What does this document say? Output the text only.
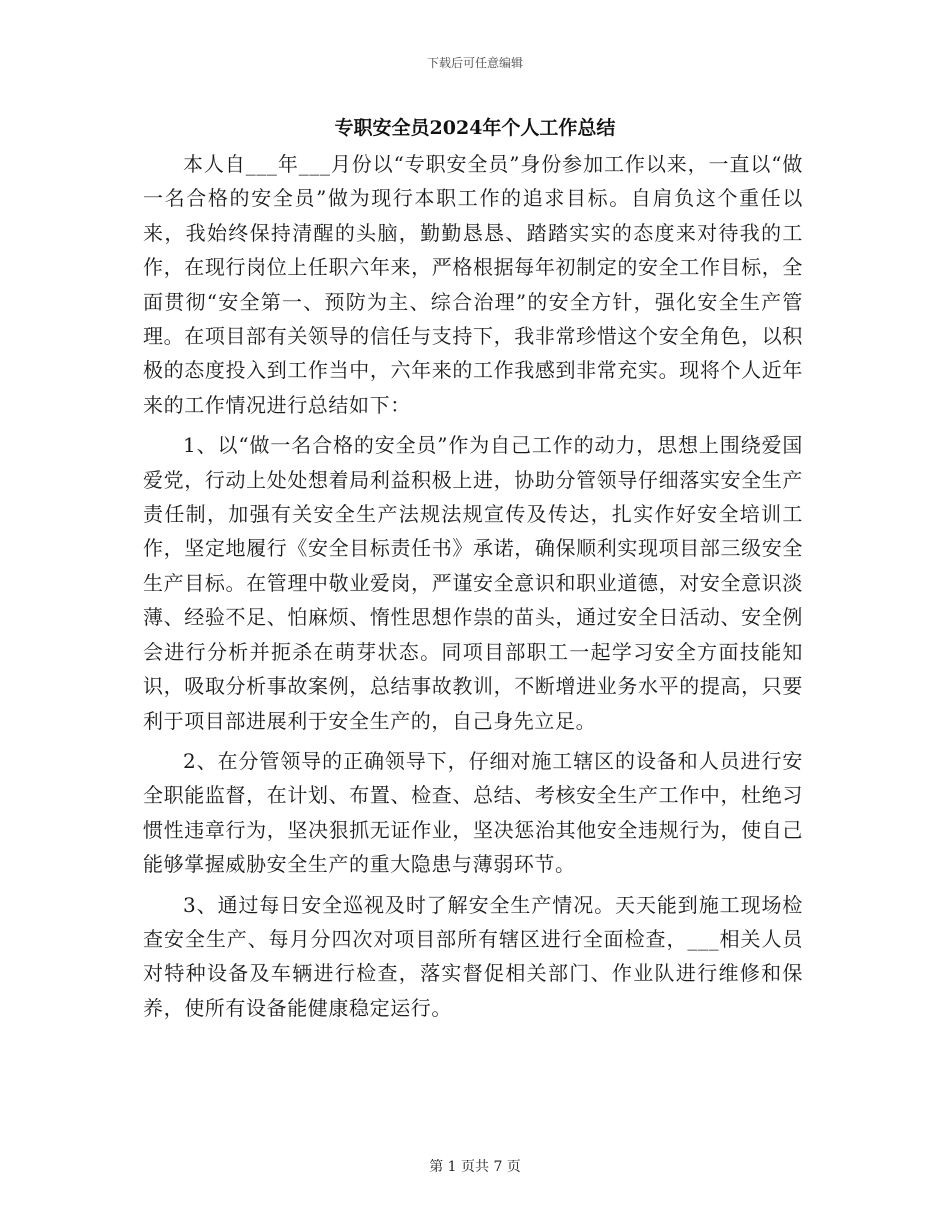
下载后可任意编辑
专职安全员2024年个人工作总结

本人自___年___月份以“专职安全员”身份参加工作以来，一直以“做一名合格的安全员”做为现行本职工作的追求目标。自肩负这个重任以来，我始终保持清醒的头脑，勤勤恳恳、踏踏实实的态度来对待我的工作，在现行岗位上任职六年来，严格根据每年初制定的安全工作目标，全面贯彻“安全第一、预防为主、综合治理”的安全方针，强化安全生产管理。在项目部有关领导的信任与支持下，我非常珍惜这个安全角色，以积极的态度投入到工作当中，六年来的工作我感到非常充实。现将个人近年来的工作情况进行总结如下：

1、以“做一名合格的安全员”作为自己工作的动力，思想上围绕爱国爱党，行动上处处想着局利益积极上进，协助分管领导仔细落实安全生产责任制，加强有关安全生产法规法规宣传及传达，扎实作好安全培训工作，坚定地履行《安全目标责任书》承诺，确保顺利实现项目部三级安全生产目标。在管理中敬业爱岗，严谨安全意识和职业道德，对安全意识淡薄、经验不足、怕麻烦、惰性思想作祟的苗头，通过安全日活动、安全例会进行分析并扼杀在萌芽状态。同项目部职工一起学习安全方面技能知识，吸取分析事故案例，总结事故教训，不断增进业务水平的提高，只要利于项目部进展利于安全生产的，自己身先立足。

2、在分管领导的正确领导下，仔细对施工辖区的设备和人员进行安全职能监督，在计划、布置、检查、总结、考核安全生产工作中，杜绝习惯性违章行为，坚决狠抓无证作业，坚决惩治其他安全违规行为，使自己能够掌握威胁安全生产的重大隐患与薄弱环节。

3、通过每日安全巡视及时了解安全生产情况。天天能到施工现场检查安全生产、每月分四次对项目部所有辖区进行全面检查，___相关人员对特种设备及车辆进行检查，落实督促相关部门、作业队进行维修和保养，使所有设备能健康稳定运行。

第 1 页共 7 页
